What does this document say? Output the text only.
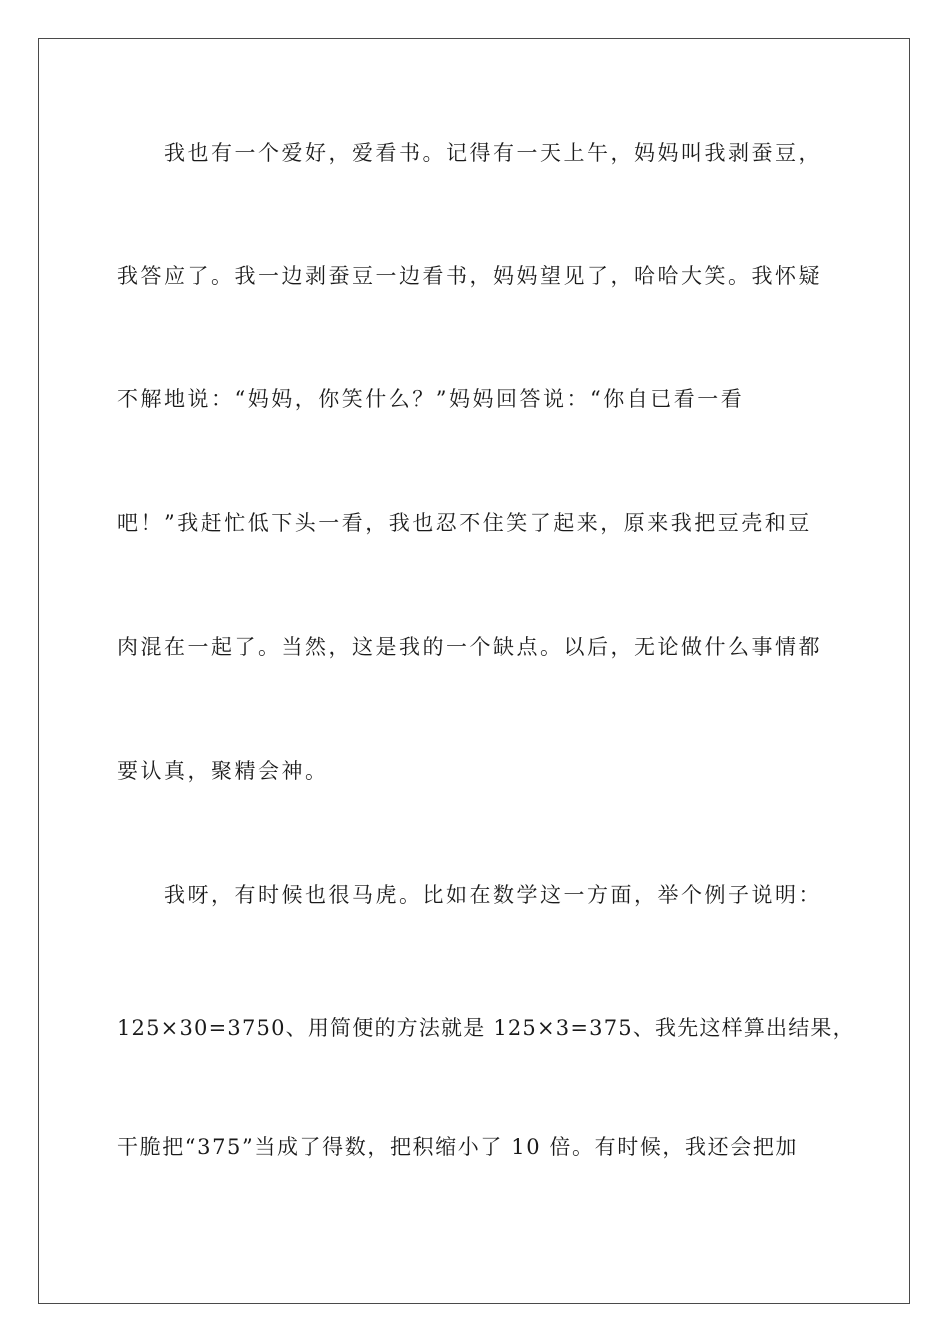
我也有一个爱好，爱看书。记得有一天上午，妈妈叫我剥蚕豆，
我答应了。我一边剥蚕豆一边看书，妈妈望见了，哈哈大笑。我怀疑
不解地说：“妈妈，你笑什么？”妈妈回答说：“你自已看一看
吧！”我赶忙低下头一看，我也忍不住笑了起来，原来我把豆壳和豆
肉混在一起了。当然，这是我的一个缺点。以后，无论做什么事情都
要认真，聚精会神。
我呀，有时候也很马虎。比如在数学这一方面，举个例子说明：
125×30=3750、用简便的方法就是 125×3=375、我先这样算出结果，
干脆把“375”当成了得数，把积缩小了 10 倍。有时候，我还会把加
